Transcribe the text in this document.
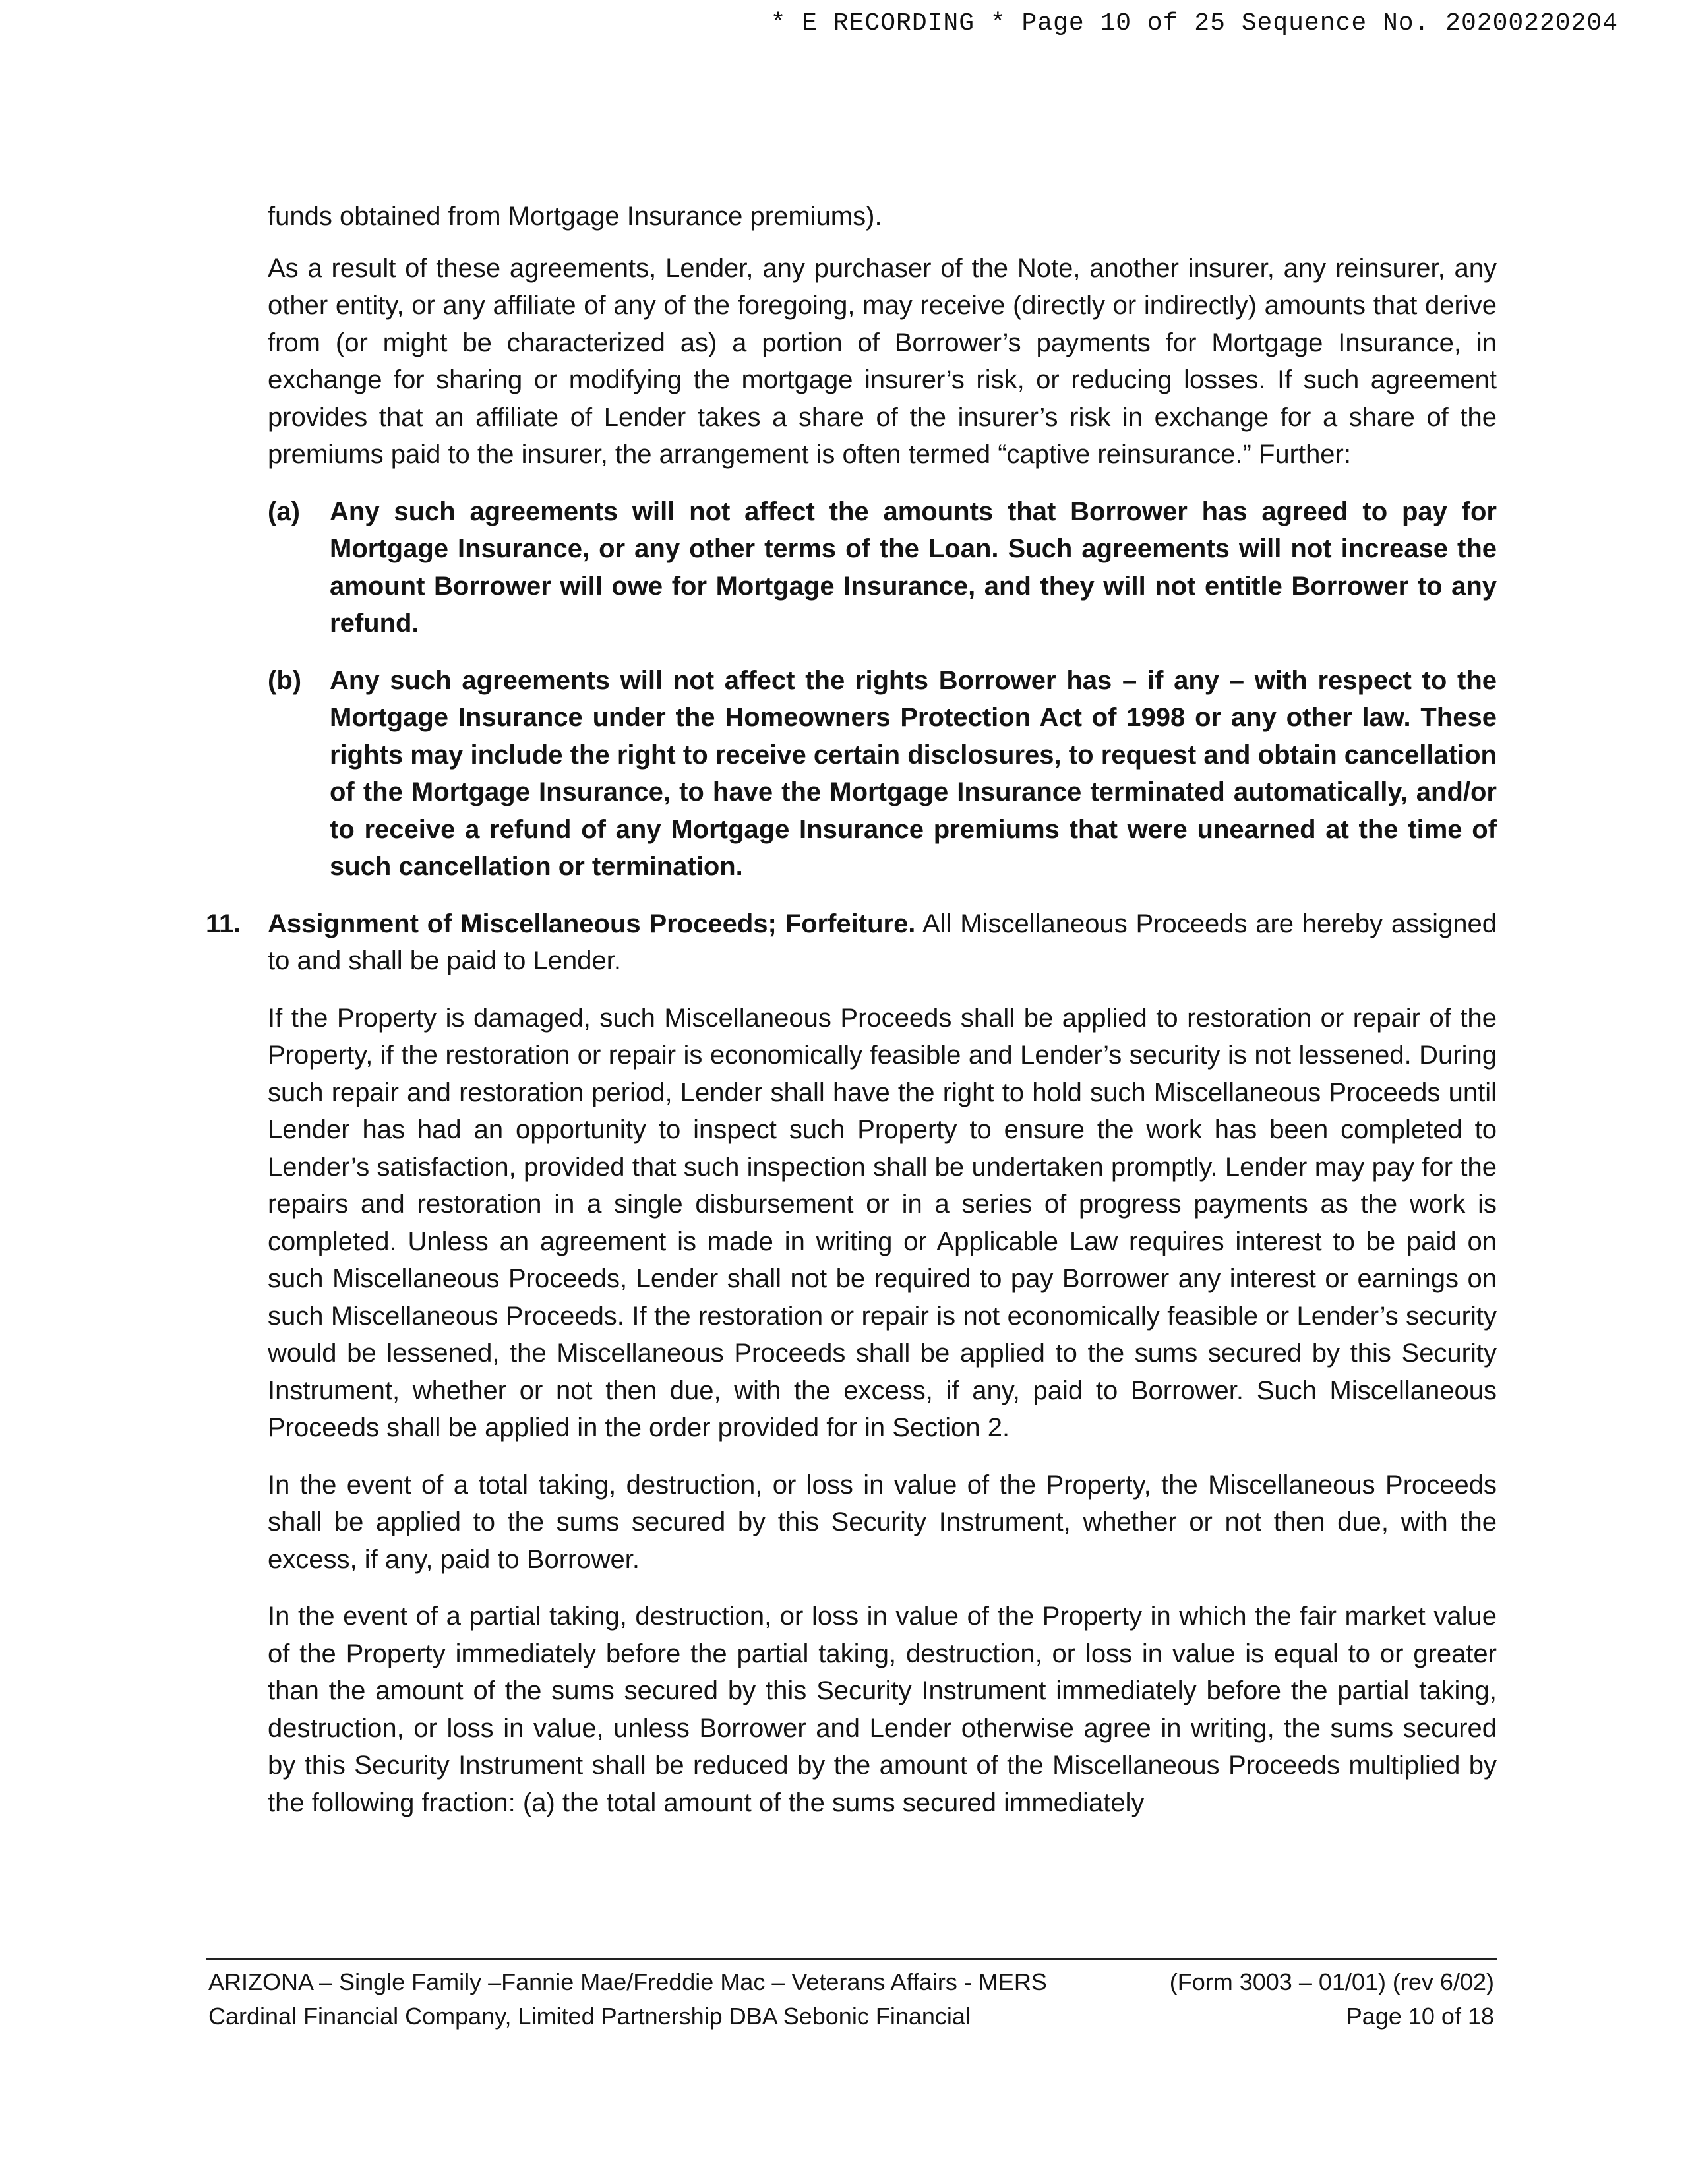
* E RECORDING * Page 10 of 25 Sequence No. 20200220204

funds obtained from Mortgage Insurance premiums).

As a result of these agreements, Lender, any purchaser of the Note, another insurer, any reinsurer, any other entity, or any affiliate of any of the foregoing, may receive (directly or indirectly) amounts that derive from (or might be characterized as) a portion of Borrower’s payments for Mortgage Insurance, in exchange for sharing or modifying the mortgage insurer’s risk, or reducing losses. If such agreement provides that an affiliate of Lender takes a share of the insurer’s risk in exchange for a share of the premiums paid to the insurer, the arrangement is often termed “captive reinsurance.” Further:

(a)	Any such agreements will not affect the amounts that Borrower has agreed to pay for Mortgage Insurance, or any other terms of the Loan. Such agreements will not increase the amount Borrower will owe for Mortgage Insurance, and they will not entitle Borrower to any refund.
(b)	Any such agreements will not affect the rights Borrower has – if any – with respect to the Mortgage Insurance under the Homeowners Protection Act of 1998 or any other law. These rights may include the right to receive certain disclosures, to request and obtain cancellation of the Mortgage Insurance, to have the Mortgage Insurance terminated automatically, and/or to receive a refund of any Mortgage Insurance premiums that were unearned at the time of such cancellation or termination.
11.	Assignment of Miscellaneous Proceeds; Forfeiture. All Miscellaneous Proceeds are hereby assigned to and shall be paid to Lender.

If the Property is damaged, such Miscellaneous Proceeds shall be applied to restoration or repair of the Property, if the restoration or repair is economically feasible and Lender’s security is not lessened. During such repair and restoration period, Lender shall have the right to hold such Miscellaneous Proceeds until Lender has had an opportunity to inspect such Property to ensure the work has been completed to Lender’s satisfaction, provided that such inspection shall be undertaken promptly. Lender may pay for the repairs and restoration in a single disbursement or in a series of progress payments as the work is completed. Unless an agreement is made in writing or Applicable Law requires interest to be paid on such Miscellaneous Proceeds, Lender shall not be required to pay Borrower any interest or earnings on such Miscellaneous Proceeds. If the restoration or repair is not economically feasible or Lender’s security would be lessened, the Miscellaneous Proceeds shall be applied to the sums secured by this Security Instrument, whether or not then due, with the excess, if any, paid to Borrower. Such Miscellaneous Proceeds shall be applied in the order provided for in Section 2.

In the event of a total taking, destruction, or loss in value of the Property, the Miscellaneous Proceeds shall be applied to the sums secured by this Security Instrument, whether or not then due, with the excess, if any, paid to Borrower.

In the event of a partial taking, destruction, or loss in value of the Property in which the fair market value of the Property immediately before the partial taking, destruction, or loss in value is equal to or greater than the amount of the sums secured by this Security Instrument immediately before the partial taking, destruction, or loss in value, unless Borrower and Lender otherwise agree in writing, the sums secured by this Security Instrument shall be reduced by the amount of the Miscellaneous Proceeds multiplied by the following fraction: (a) the total amount of the sums secured immediately

ARIZONA – Single Family –Fannie Mae/Freddie Mac – Veterans Affairs - MERS	(Form 3003 – 01/01) (rev 6/02)
Cardinal Financial Company, Limited Partnership DBA Sebonic Financial	Page 10 of 18
